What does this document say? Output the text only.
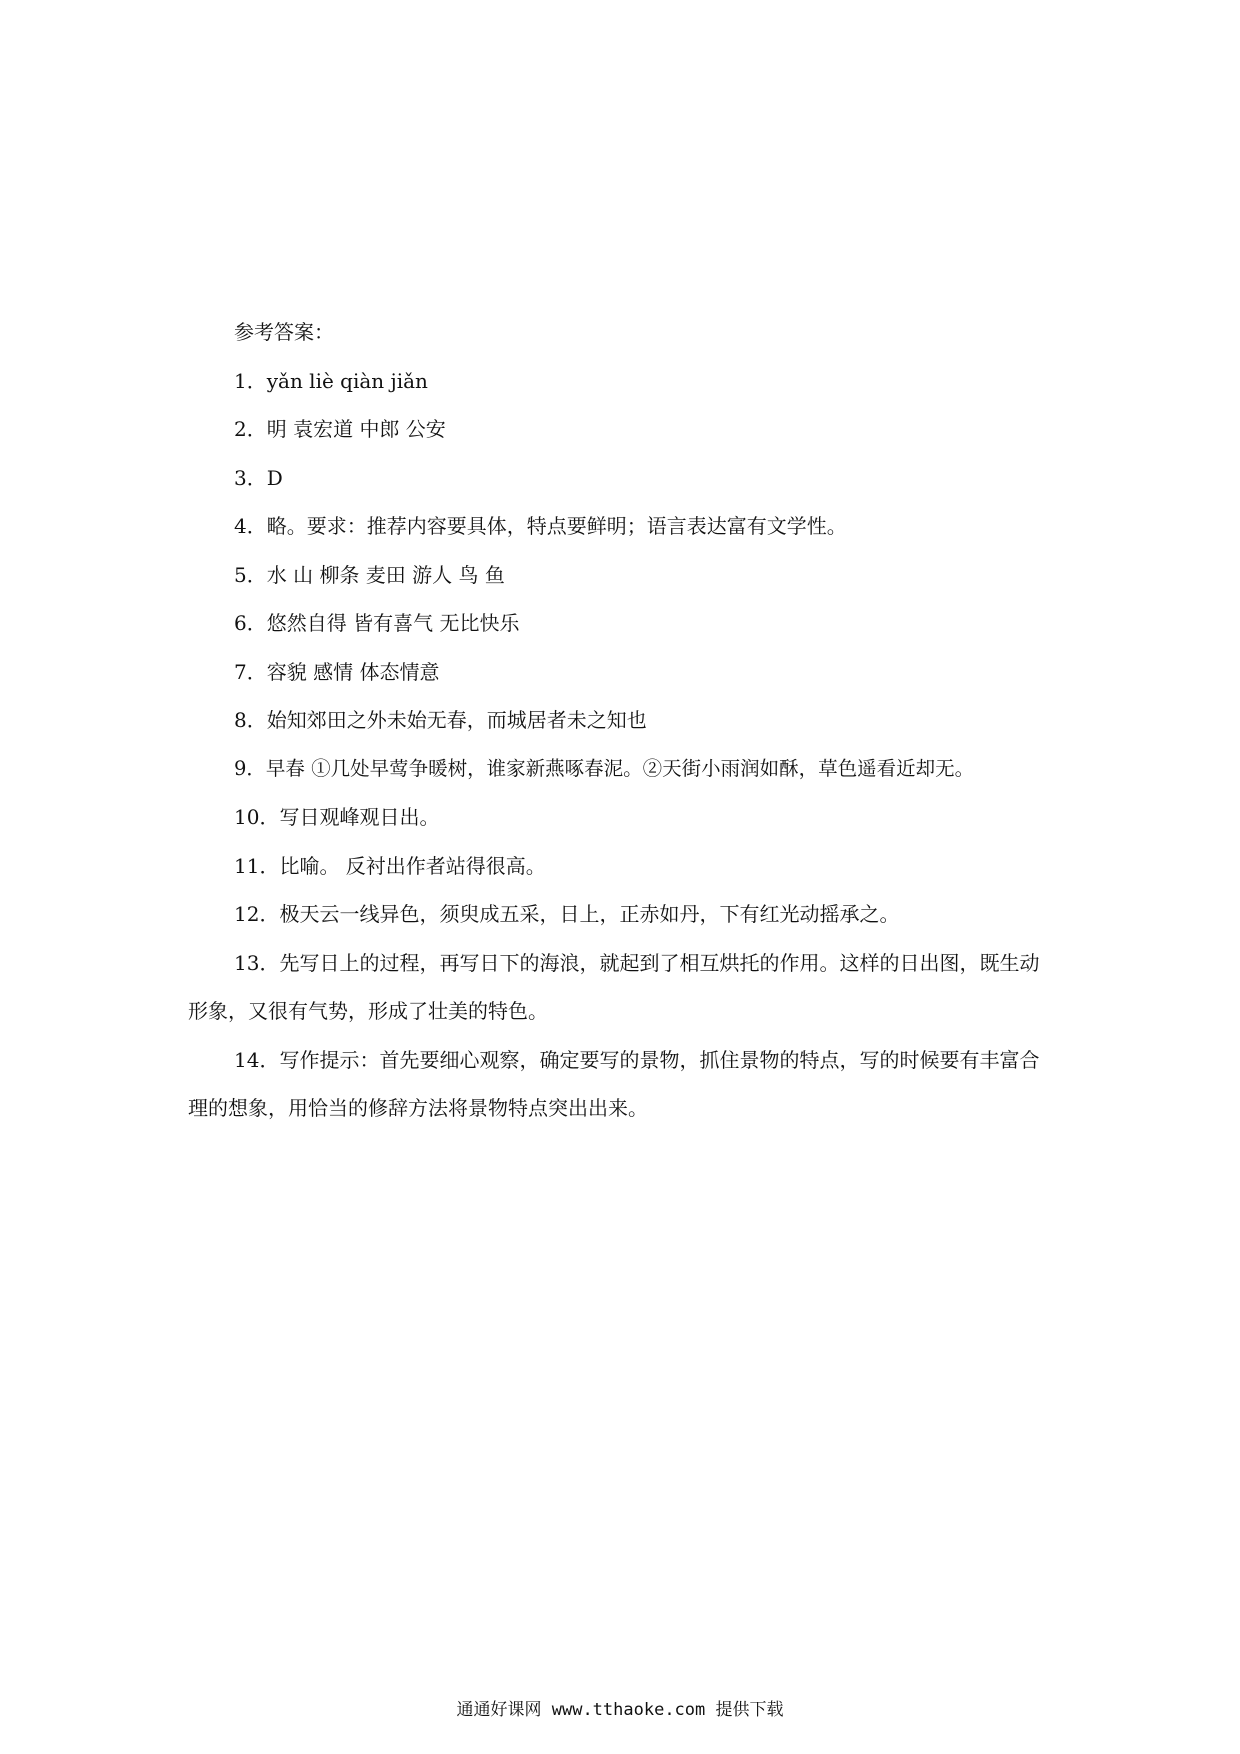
参考答案：

1．yǎn liè qiàn jiǎn

2．明 袁宏道 中郎 公安

3．D

4．略。要求：推荐内容要具体，特点要鲜明；语言表达富有文学性。

5．水 山 柳条 麦田 游人 鸟 鱼

6．悠然自得 皆有喜气 无比快乐

7．容貌 感情 体态情意

8．始知郊田之外未始无春，而城居者未之知也

9．早春 ①几处早莺争暖树，谁家新燕啄春泥。②天街小雨润如酥，草色遥看近却无。

10．写日观峰观日出。

11．比喻。 反衬出作者站得很高。

12．极天云一线异色，须臾成五采，日上，正赤如丹，下有红光动摇承之。

13．先写日上的过程，再写日下的海浪，就起到了相互烘托的作用。这样的日出图，既生动形象，又很有气势，形成了壮美的特色。

14．写作提示：首先要细心观察，确定要写的景物，抓住景物的特点，写的时候要有丰富合理的想象，用恰当的修辞方法将景物特点突出出来。

通通好课网 www.tthaoke.com 提供下载
